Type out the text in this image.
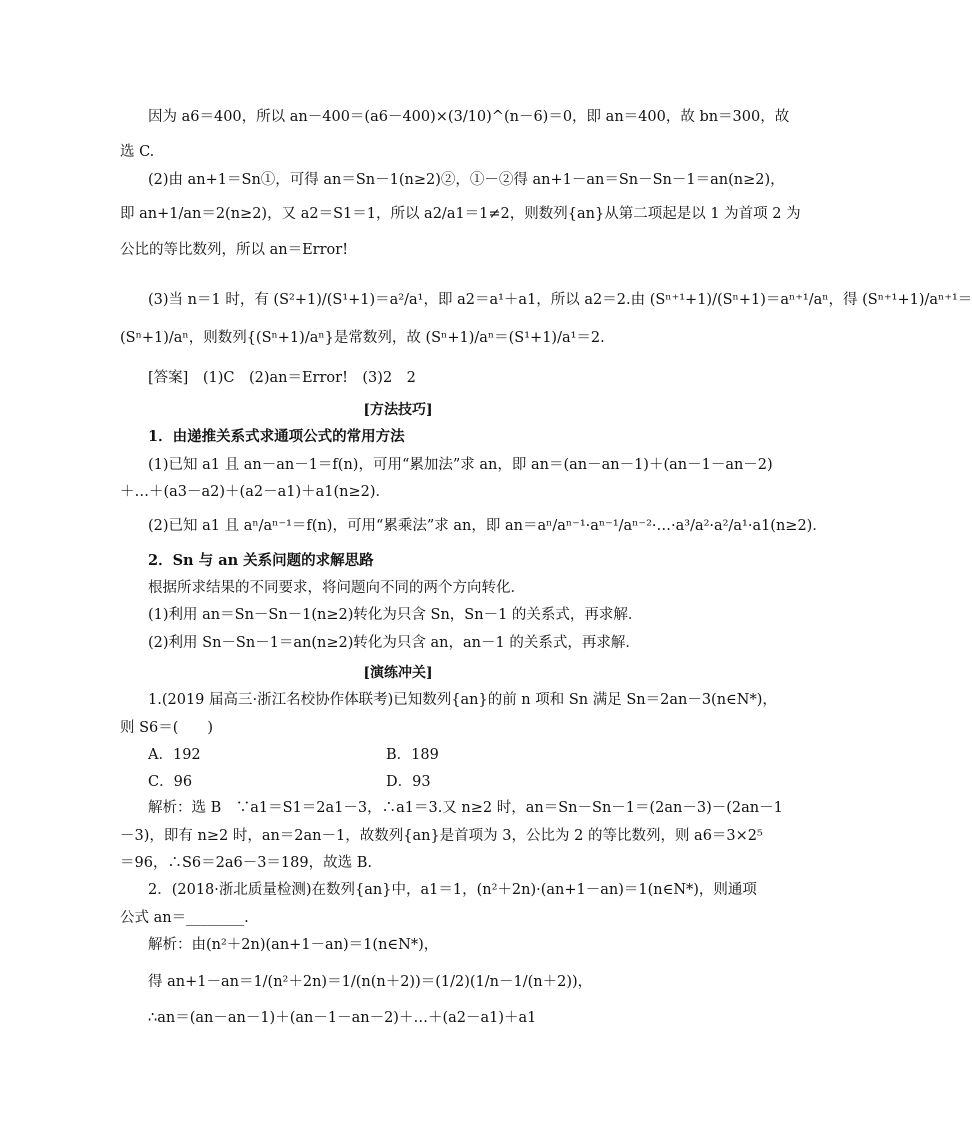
因为 a6＝400，所以 an－400＝(a6－400)×(3/10)^(n－6)＝0，即 an＝400，故 bn＝300，故
选 C.
(2)由 an+1＝Sn①，可得 an＝Sn－1(n≥2)②，①－②得 an+1－an＝Sn－Sn－1＝an(n≥2)，
即 an+1/an＝2(n≥2)，又 a2＝S1＝1，所以 a2/a1＝1≠2，则数列{an}从第二项起是以 1 为首项 2 为
公比的等比数列，所以 an＝Error!
(3)当 n＝1 时，有 (S²+1)/(S¹+1)＝a²/a¹，即 a2＝a¹＋a1，所以 a2＝2.由 (Sⁿ⁺¹+1)/(Sⁿ+1)＝aⁿ⁺¹/aⁿ，得 (Sⁿ⁺¹+1)/aⁿ⁺¹＝
(Sⁿ+1)/aⁿ，则数列{(Sⁿ+1)/aⁿ}是常数列，故 (Sⁿ+1)/aⁿ＝(S¹+1)/a¹＝2.
[答案]　(1)C　(2)an＝Error!　(3)2　2
[方法技巧]
1．由递推关系式求通项公式的常用方法
(1)已知 a1 且 an－an－1＝f(n)，可用“累加法”求 an，即 an＝(an－an－1)＋(an－1－an－2)
＋…＋(a3－a2)＋(a2－a1)＋a1(n≥2)．
(2)已知 a1 且 aⁿ/aⁿ⁻¹＝f(n)，可用“累乘法”求 an，即 an＝aⁿ/aⁿ⁻¹·aⁿ⁻¹/aⁿ⁻²·…·a³/a²·a²/a¹·a1(n≥2)．
2．Sn 与 an 关系问题的求解思路
根据所求结果的不同要求，将问题向不同的两个方向转化．
(1)利用 an＝Sn－Sn－1(n≥2)转化为只含 Sn，Sn－1 的关系式，再求解．
(2)利用 Sn－Sn－1＝an(n≥2)转化为只含 an，an－1 的关系式，再求解．
[演练冲关]
1.(2019 届高三·浙江名校协作体联考)已知数列{an}的前 n 项和 Sn 满足 Sn＝2an－3(n∈N*)，
则 S6＝(　　)
解析：选 B　∵a1＝S1＝2a1－3，∴a1＝3.又 n≥2 时，an＝Sn－Sn－1＝(2an－3)－(2an－1
－3)，即有 n≥2 时，an＝2an－1，故数列{an}是首项为 3，公比为 2 的等比数列，则 a6＝3×2⁵
＝96，∴S6＝2a6－3＝189，故选 B.
2．(2018·浙北质量检测)在数列{an}中，a1＝1，(n²＋2n)·(an+1－an)＝1(n∈N*)，则通项
公式 an＝________.
解析：由(n²＋2n)(an+1－an)＝1(n∈N*)，
得 an+1－an＝1/(n²＋2n)＝1/(n(n＋2))＝(1/2)(1/n－1/(n＋2))，
∴an＝(an－an－1)＋(an－1－an－2)＋…＋(a2－a1)＋a1
A．192	B．189
C．96	D．93
